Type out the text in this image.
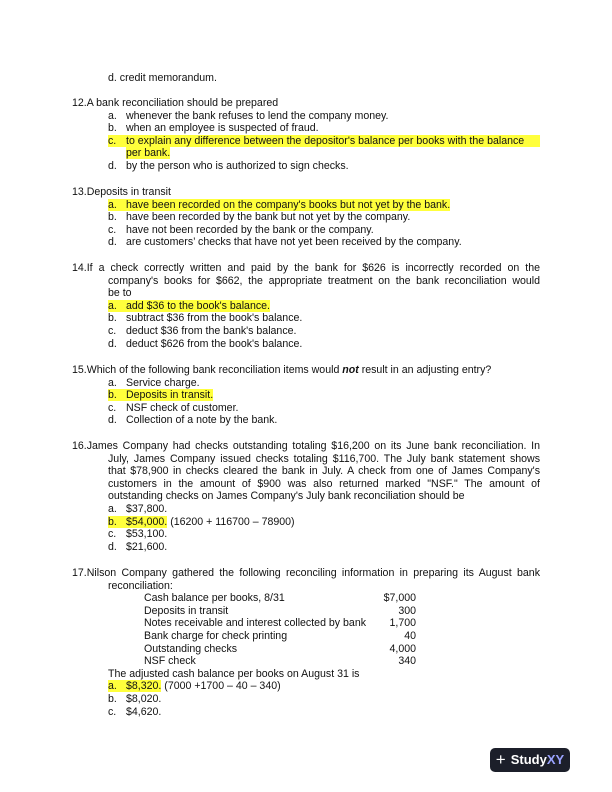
d. credit memorandum.
12.A bank reconciliation should be prepared
a. whenever the bank refuses to lend the company money.
b. when an employee is suspected of fraud.
c. to explain any difference between the depositor's balance per books with the balance
per bank.
d. by the person who is authorized to sign checks.
13.Deposits in transit
a. have been recorded on the company's books but not yet by the bank.
b. have been recorded by the bank but not yet by the company.
c. have not been recorded by the bank or the company.
d. are customers’ checks that have not yet been received by the company.
14.If a check correctly written and paid by the bank for $626 is incorrectly recorded on the
company's books for $662, the appropriate treatment on the bank reconciliation would
be to
a. add $36 to the book's balance.
b. subtract $36 from the book's balance.
c. deduct $36 from the bank's balance.
d. deduct $626 from the book's balance.
15.Which of the following bank reconciliation items would not result in an adjusting entry?
a. Service charge.
b. Deposits in transit.
c. NSF check of customer.
d. Collection of a note by the bank.
16.James Company had checks outstanding totaling $16,200 on its June bank reconciliation. In
July, James Company issued checks totaling $116,700. The July bank statement shows
that $78,900 in checks cleared the bank in July. A check from one of James Company's
customers in the amount of $900 was also returned marked "NSF." The amount of
outstanding checks on James Company's July bank reconciliation should be
a. $37,800.
b. $54,000. (16200 + 116700 – 78900)
c. $53,100.
d. $21,600.
17.Nilson Company gathered the following reconciling information in preparing its August bank
reconciliation:
Cash balance per books, 8/31	$7,000
Deposits in transit	300
Notes receivable and interest collected by bank 1,700
Bank charge for check printing	40
Outstanding checks	4,000
NSF check	340
The adjusted cash balance per books on August 31 is
a. $8,320. (7000 +1700 – 40 – 340)
b. $8,020.
c. $4,620.
+ Study XY
